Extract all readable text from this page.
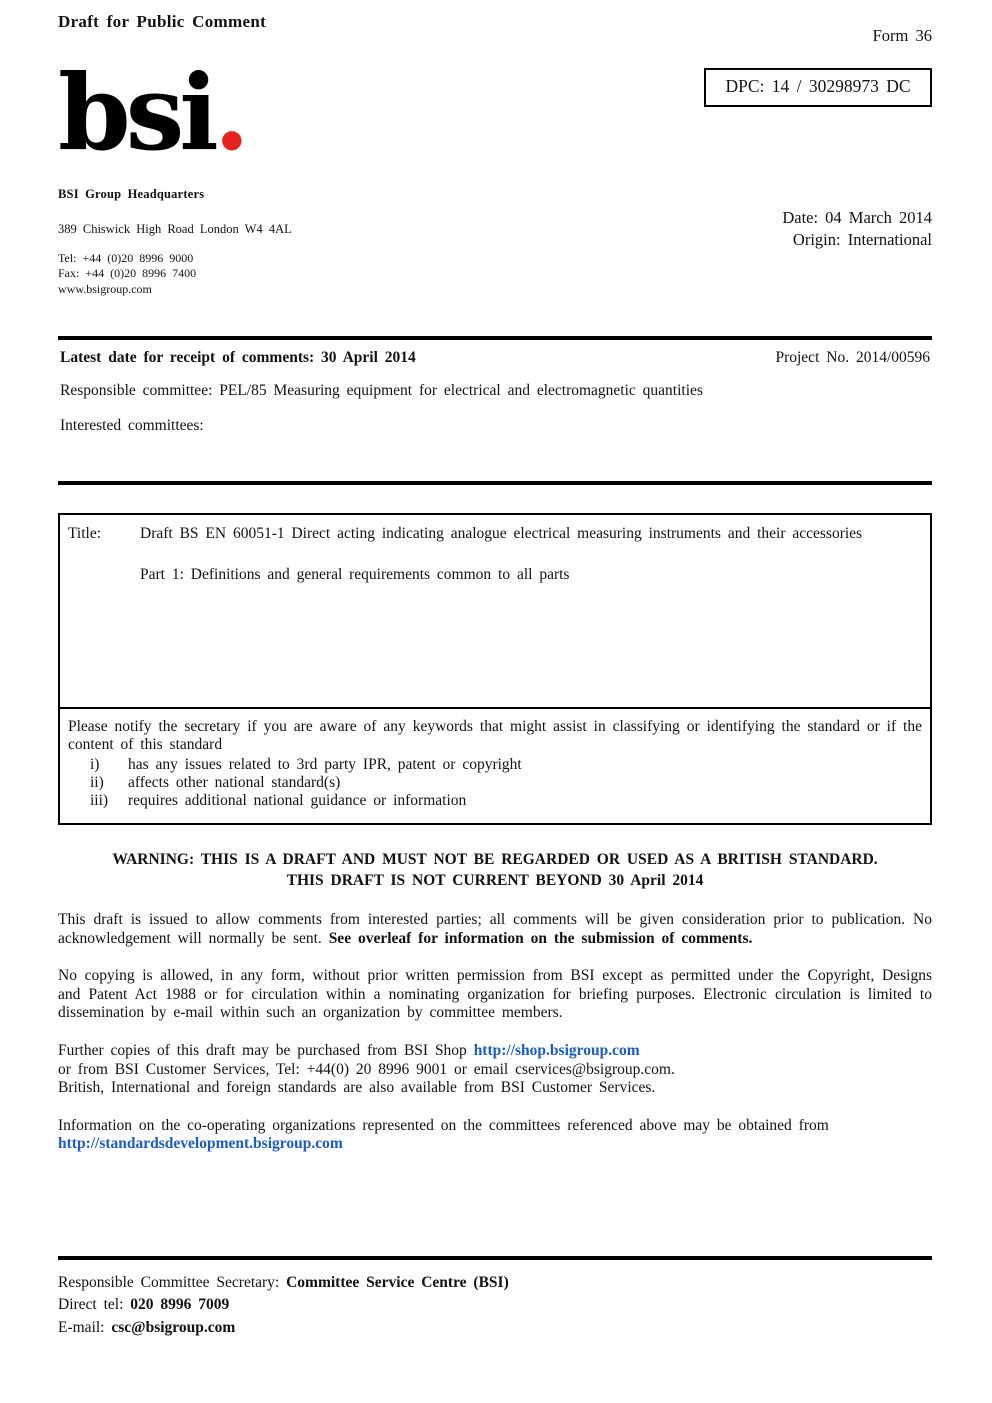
Draft for Public Comment
Form 36
bsi.
BSI Group Headquarters
389 Chiswick High Road London W4 4AL
Tel: +44 (0)20 8996 9000
Fax: +44 (0)20 8996 7400
www.bsigroup.com
DPC: 14 / 30298973 DC
Date: 04 March 2014
Origin: International
Latest date for receipt of comments: 30 April 2014	Project No. 2014/00596
Responsible committee: PEL/85 Measuring equipment for electrical and electromagnetic quantities
Interested committees:
Title:	Draft BS EN 60051-1 Direct acting indicating analogue electrical measuring instruments and their accessories
Part 1: Definitions and general requirements common to all parts
Please notify the secretary if you are aware of any keywords that might assist in classifying or identifying the standard or if the content of this standard
i)	has any issues related to 3rd party IPR, patent or copyright
ii)	affects other national standard(s)
iii)	requires additional national guidance or information
WARNING: THIS IS A DRAFT AND MUST NOT BE REGARDED OR USED AS A BRITISH STANDARD.
THIS DRAFT IS NOT CURRENT BEYOND 30 April 2014
This draft is issued to allow comments from interested parties; all comments will be given consideration prior to publication. No acknowledgement will normally be sent. See overleaf for information on the submission of comments.
No copying is allowed, in any form, without prior written permission from BSI except as permitted under the Copyright, Designs and Patent Act 1988 or for circulation within a nominating organization for briefing purposes. Electronic circulation is limited to dissemination by e-mail within such an organization by committee members.
Further copies of this draft may be purchased from BSI Shop http://shop.bsigroup.com
or from BSI Customer Services, Tel: +44(0) 20 8996 9001 or email cservices@bsigroup.com.
British, International and foreign standards are also available from BSI Customer Services.
Information on the co-operating organizations represented on the committees referenced above may be obtained from
http://standardsdevelopment.bsigroup.com
Responsible Committee Secretary: Committee Service Centre (BSI)
Direct tel: 020 8996 7009
E-mail: csc@bsigroup.com
